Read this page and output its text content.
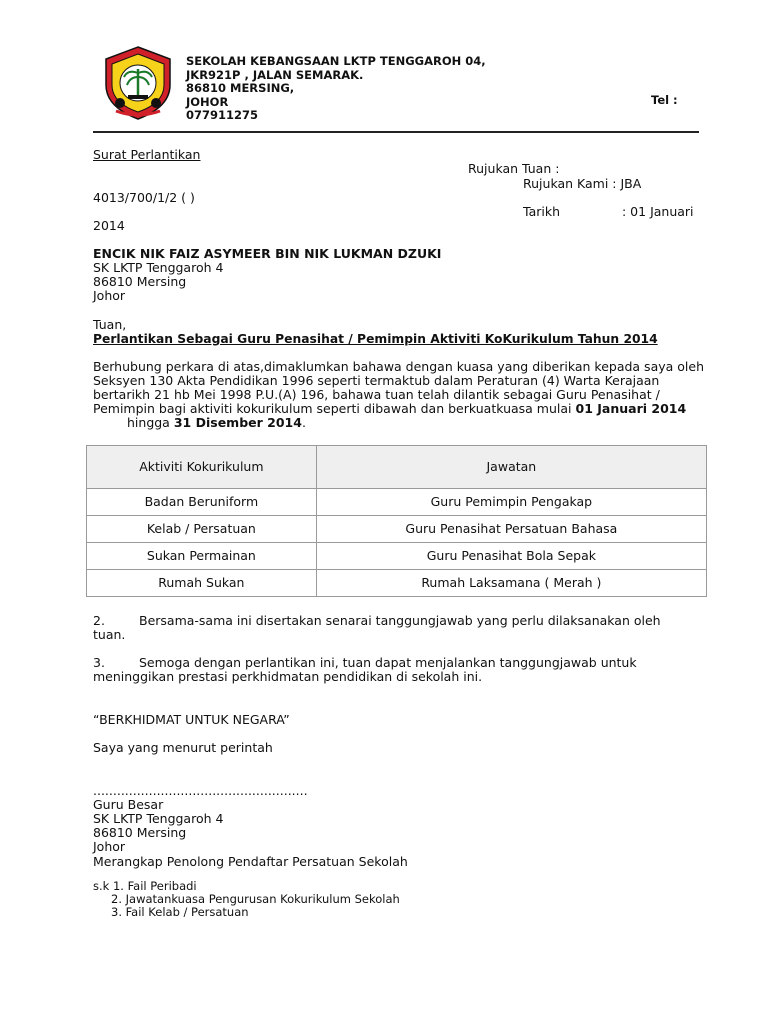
SEKOLAH KEBANGSAAN LKTP TENGGAROH 04,
JKR921P , JALAN SEMARAK.
86810 MERSING,
JOHOR
077911275
Tel :
Surat Perlantikan
Rujukan Tuan :
Rujukan Kami : JBA
4013/700/1/2 ( )
Tarikh	: 01 Januari
2014
ENCIK NIK FAIZ ASYMEER BIN NIK LUKMAN DZUKI
SK LKTP Tenggaroh 4
86810 Mersing
Johor
Tuan,
Perlantikan Sebagai Guru Penasihat / Pemimpin Aktiviti KoKurikulum Tahun 2014
Berhubung perkara di atas,dimaklumkan bahawa dengan kuasa yang diberikan kepada saya oleh Seksyen 130 Akta Pendidikan 1996 seperti termaktub dalam Peraturan (4) Warta Kerajaan bertarikh 21 hb Mei 1998 P.U.(A) 196, bahawa tuan telah dilantik sebagai Guru Penasihat / Pemimpin bagi aktiviti kokurikulum seperti dibawah dan berkuatkuasa mulai 01 Januari 2014 hingga 31 Disember 2014.
Aktiviti Kokurikulum	Jawatan
Badan Beruniform	Guru Pemimpin Pengakap
Kelab / Persatuan	Guru Penasihat Persatuan Bahasa
Sukan Permainan	Guru Penasihat Bola Sepak
Rumah Sukan	Rumah Laksamana ( Merah )
2.	Bersama-sama ini disertakan senarai tanggungjawab yang perlu dilaksanakan oleh
tuan.
3.	Semoga dengan perlantikan ini, tuan dapat menjalankan tanggungjawab untuk
meninggikan prestasi perkhidmatan pendidikan di sekolah ini.
“BERKHIDMAT UNTUK NEGARA”
Saya yang menurut perintah
......................................................
Guru Besar
SK LKTP Tenggaroh 4
86810 Mersing
Johor
Merangkap Penolong Pendaftar Persatuan Sekolah
s.k 1. Fail Peribadi
2. Jawatankuasa Pengurusan Kokurikulum Sekolah
3. Fail Kelab / Persatuan
